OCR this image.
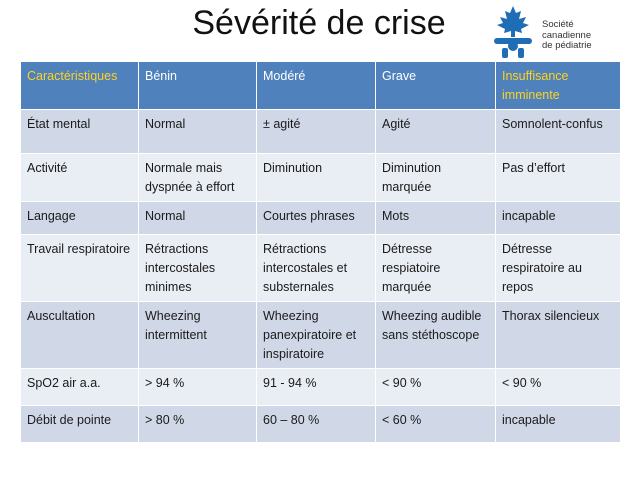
Sévérité de crise	Société
canadienne
de pédiatrie
Caractéristiques	Bénin	Modéré	Grave	Insuffisance imminente
État mental	Normal	± agité	Agité	Somnolent-confus
Activité	Normale mais dyspnée à effort	Diminution	Diminution marquée	Pas d’effort
Langage	Normal	Courtes phrases	Mots	incapable
Travail respiratoire	Rétractions intercostales minimes	Rétractions intercostales et substernales	Détresse respiatoire marquée	Détresse respiratoire au repos
Auscultation	Wheezing intermittent	Wheezing panexpiratoire et inspiratoire	Wheezing audible sans stéthoscope	Thorax silencieux
SpO2 air a.a.	> 94 %	91 - 94 %	< 90 %	< 90 %
Débit de pointe	> 80 %	60 – 80 %	< 60 %	incapable
